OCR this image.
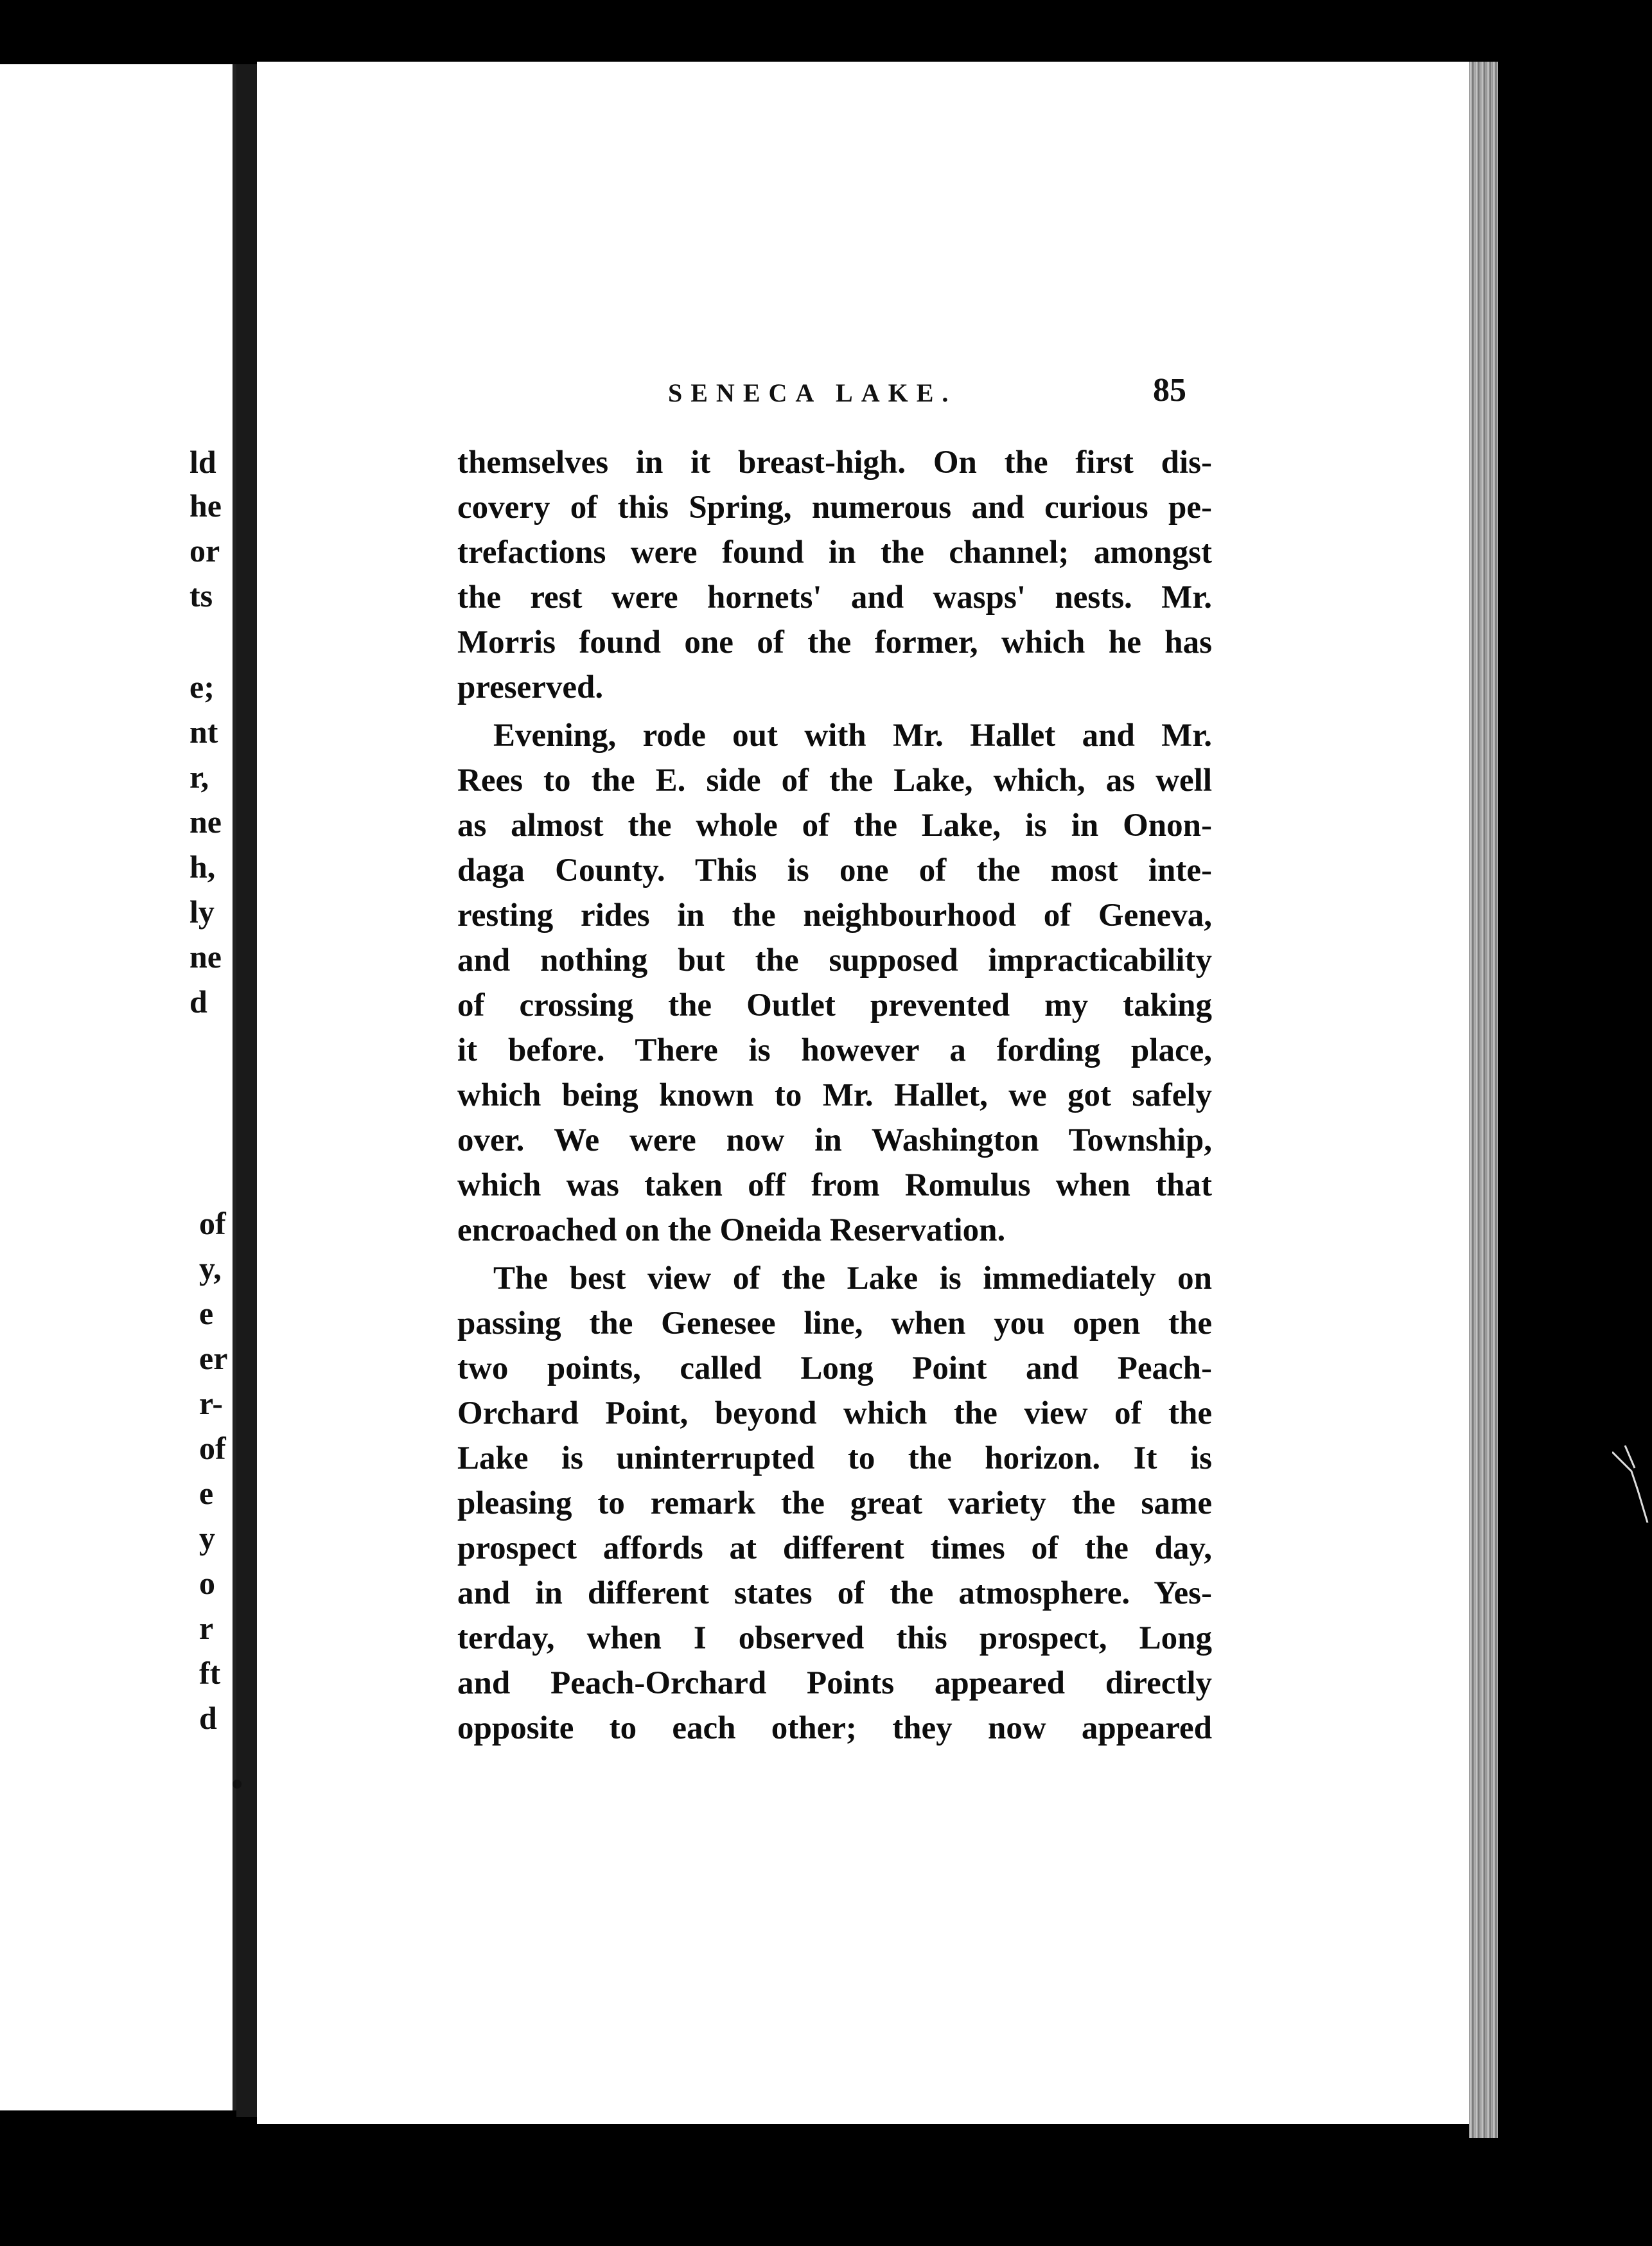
ld
he
or
ts
e;
nt
r,
ne
h,
ly
ne
d
of
y,
e
er
r-
of
e
y
o
r
ft
d
SENECA LAKE.	85
themselves in it breast-high. On the first dis-
covery of this Spring, numerous and curious pe-
trefactions were found in the channel; amongst
the rest were hornets' and wasps' nests. Mr.
Morris found one of the former, which he has
preserved.
Evening, rode out with Mr. Hallet and Mr.
Rees to the E. side of the Lake, which, as well
as almost the whole of the Lake, is in Onon-
daga County. This is one of the most inte-
resting rides in the neighbourhood of Geneva,
and nothing but the supposed impracticability
of crossing the Outlet prevented my taking
it before. There is however a fording place,
which being known to Mr. Hallet, we got safely
over. We were now in Washington Township,
which was taken off from Romulus when that
encroached on the Oneida Reservation.
The best view of the Lake is immediately on
passing the Genesee line, when you open the
two points, called Long Point and Peach-
Orchard Point, beyond which the view of the
Lake is uninterrupted to the horizon. It is
pleasing to remark the great variety the same
prospect affords at different times of the day,
and in different states of the atmosphere. Yes-
terday, when I observed this prospect, Long
and Peach-Orchard Points appeared directly
opposite to each other; they now appeared
